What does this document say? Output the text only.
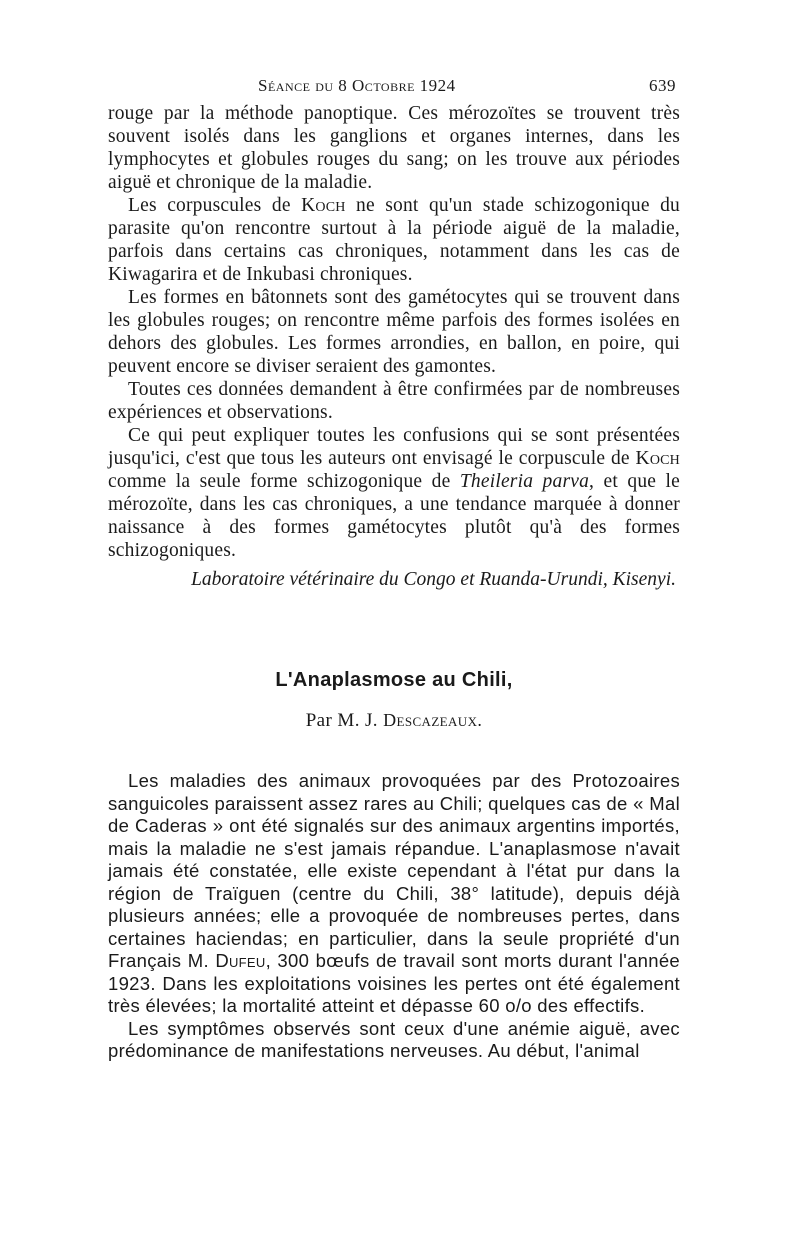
Séance du 8 Octobre 1924	639

rouge par la méthode panoptique. Ces mérozoïtes se trouvent très souvent isolés dans les ganglions et organes internes, dans les lymphocytes et globules rouges du sang; on les trouve aux périodes aiguë et chronique de la maladie.

Les corpuscules de Koch ne sont qu'un stade schizogonique du parasite qu'on rencontre surtout à la période aiguë de la maladie, parfois dans certains cas chroniques, notamment dans les cas de Kiwagarira et de Inkubasi chroniques.

Les formes en bâtonnets sont des gamétocytes qui se trouvent dans les globules rouges; on rencontre même parfois des formes isolées en dehors des globules. Les formes arrondies, en ballon, en poire, qui peuvent encore se diviser seraient des gamontes.

Toutes ces données demandent à être confirmées par de nombreuses expériences et observations.

Ce qui peut expliquer toutes les confusions qui se sont présentées jusqu'ici, c'est que tous les auteurs ont envisagé le corpuscule de Koch comme la seule forme schizogonique de Theileria parva, et que le mérozoïte, dans les cas chroniques, a une tendance marquée à donner naissance à des formes gamétocytes plutôt qu'à des formes schizogoniques.

Laboratoire vétérinaire du Congo et Ruanda-Urundi, Kisenyi.

L'Anaplasmose au Chili,

Par M. J. Descazeaux.

Les maladies des animaux provoquées par des Protozoaires sanguicoles paraissent assez rares au Chili; quelques cas de « Mal de Caderas » ont été signalés sur des animaux argentins importés, mais la maladie ne s'est jamais répandue. L'anaplasmose n'avait jamais été constatée, elle existe cependant à l'état pur dans la région de Traïguen (centre du Chili, 38° latitude), depuis déjà plusieurs années; elle a provoquée de nombreuses pertes, dans certaines haciendas; en particulier, dans la seule propriété d'un Français M. Dufeu, 300 bœufs de travail sont morts durant l'année 1923. Dans les exploitations voisines les pertes ont été également très élevées; la mortalité atteint et dépasse 60 o/o des effectifs.

Les symptômes observés sont ceux d'une anémie aiguë, avec prédominance de manifestations nerveuses. Au début, l'animal
